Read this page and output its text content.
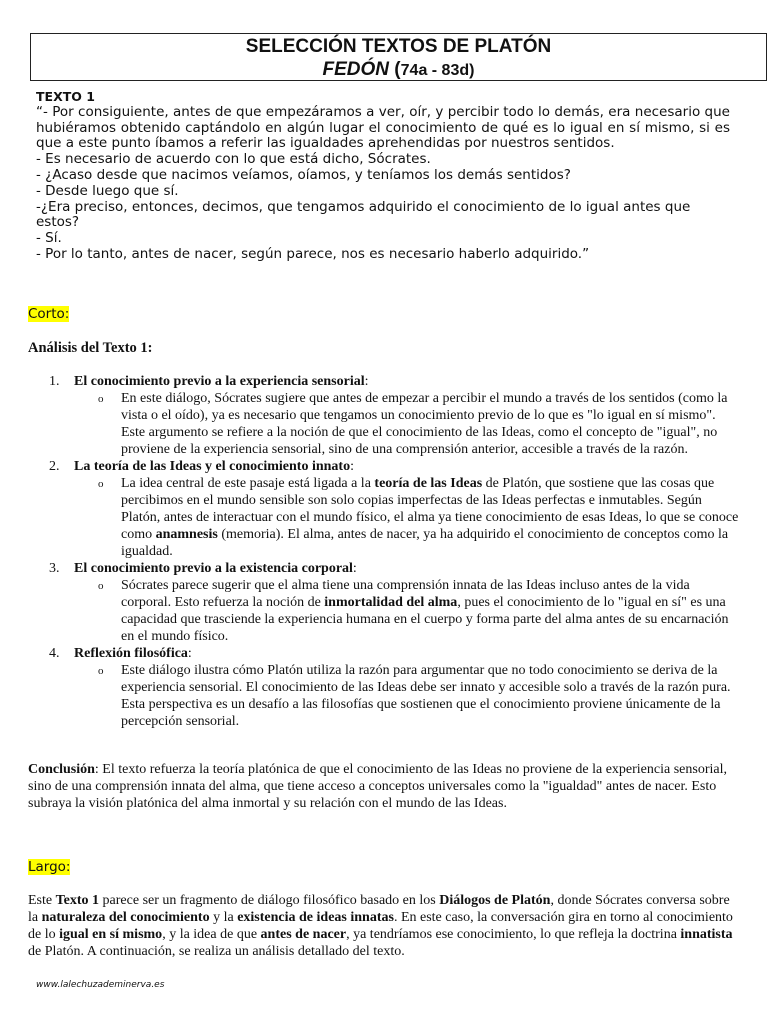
SELECCIÓN TEXTOS DE PLATÓN
FEDÓN (74a - 83d)
TEXTO 1

“- Por consiguiente, antes de que empezáramos a ver, oír, y percibir todo lo demás, era necesario que hubiéramos obtenido captándolo en algún lugar el conocimiento de qué es lo igual en sí mismo, si es que a este punto íbamos a referir las igualdades aprehendidas por nuestros sentidos.

- Es necesario de acuerdo con lo que está dicho, Sócrates.

- ¿Acaso desde que nacimos veíamos, oíamos, y teníamos los demás sentidos?

- Desde luego que sí.

-¿Era preciso, entonces, decimos, que tengamos adquirido el conocimiento de lo igual antes que estos?

- Sí.

- Por lo tanto, antes de nacer, según parece, nos es necesario haberlo adquirido.”

Corto:
Análisis del Texto 1:
1. El conocimiento previo a la experiencia sensorial:
o En este diálogo, Sócrates sugiere que antes de empezar a percibir el mundo a través de los sentidos (como la vista o el oído), ya es necesario que tengamos un conocimiento previo de lo que es "lo igual en sí mismo". Este argumento se refiere a la noción de que el conocimiento de las Ideas, como el concepto de "igual", no proviene de la experiencia sensorial, sino de una comprensión anterior, accesible a través de la razón.
2. La teoría de las Ideas y el conocimiento innato:
o La idea central de este pasaje está ligada a la teoría de las Ideas de Platón, que sostiene que las cosas que percibimos en el mundo sensible son solo copias imperfectas de las Ideas perfectas e inmutables. Según Platón, antes de interactuar con el mundo físico, el alma ya tiene conocimiento de esas Ideas, lo que se conoce como anamnesis (memoria). El alma, antes de nacer, ya ha adquirido el conocimiento de conceptos como la igualdad.
3. El conocimiento previo a la existencia corporal:
o Sócrates parece sugerir que el alma tiene una comprensión innata de las Ideas incluso antes de la vida corporal. Esto refuerza la noción de inmortalidad del alma, pues el conocimiento de lo "igual en sí" es una capacidad que trasciende la experiencia humana en el cuerpo y forma parte del alma antes de su encarnación en el mundo físico.
4. Reflexión filosófica:
o Este diálogo ilustra cómo Platón utiliza la razón para argumentar que no todo conocimiento se deriva de la experiencia sensorial. El conocimiento de las Ideas debe ser innato y accesible solo a través de la razón pura. Esta perspectiva es un desafío a las filosofías que sostienen que el conocimiento proviene únicamente de la percepción sensorial.
Conclusión: El texto refuerza la teoría platónica de que el conocimiento de las Ideas no proviene de la experiencia sensorial, sino de una comprensión innata del alma, que tiene acceso a conceptos universales como la "igualdad" antes de nacer. Esto subraya la visión platónica del alma inmortal y su relación con el mundo de las Ideas.
Largo:
Este Texto 1 parece ser un fragmento de diálogo filosófico basado en los Diálogos de Platón, donde Sócrates conversa sobre la naturaleza del conocimiento y la existencia de ideas innatas. En este caso, la conversación gira en torno al conocimiento de lo igual en sí mismo, y la idea de que antes de nacer, ya tendríamos ese conocimiento, lo que refleja la doctrina innatista de Platón. A continuación, se realiza un análisis detallado del texto.
www.lalechuzademinerva.es
